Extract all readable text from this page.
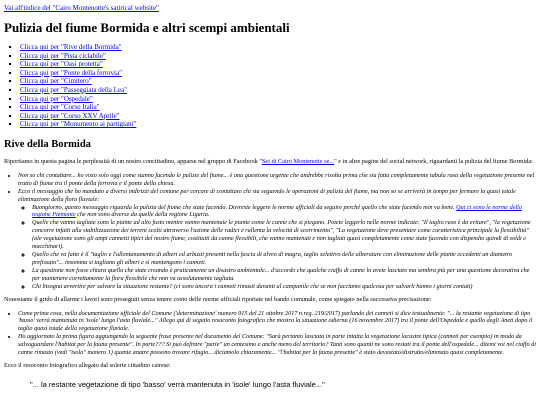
Vai all'indice del "Cairo Montenotte's satirical website"
Pulizia del fiume Bormida e altri scempi ambientali
▪ Clicca qui per "Rive della Bormida"
▪ Clicca qui per "Pista ciclabile"
▪ Clicca qui per "Oasi protetta"
▪ Clicca qui per "Ponte della ferrovia"
▪ Clicca qui per "Cimitero"
▪ Clicca qui per "Passeggiata della Lea"
▪ Clicca qui per "Ospedale"
▪ Clicca qui per "Corso Italia"
▪ Clicca qui per "Corso XXV Aprile"
▪ Clicca qui per "Monumento ai partigiani"
Rive della Bormida

Riportiamo in questa pagina le perplessità di un nostro concittadino, apparse nel gruppo di Facebook "Sei di Cairo Montenotte se..." e in altre pagine del social network, riguardanti la pulizia del fiume Bormida:

• Non so chi contattare... ho visto solo oggi come stanno facendo le pulizie del fiume... è una questione urgente che andrebbe risolta prima che sia fatta completamente tabula rasa della vegetazione presente nel tratto di fiume tra il ponte della ferrovia e il ponte della chiesa.
• Ecco il messaggio che ho mandato a diversi indirizzi del comune per cercare di contattare chi sta seguendo le operazioni di pulizia del fiume, ma non so se arriverà in tempo per fermare la quasi totale eliminazione della flora fluviale:
◦ Buongiorno, questo messaggio riguarda la pulizia del fiume che state facendo. Dovreste leggere le norme ufficiali da seguire perché quello che state facendo non va bene. Qui ci sono le norme della regione Piemonte che non sono diverse da quelle della regione Liguria.
◦ Quelle che vanno tagliate sono le piante ad alto fusto mentre vanno mantenute le piante come le canne che si piegano. Potete leggerlo nelle norme indicate: "Il taglio raso è da evitare", "la vegetazione concorre infatti alla stabilizzazione dei terreni scolti attraverso l'azione delle radici e rallenta la velocità di scorrimento", "La vegetazione deve presentare come caratteristica principale la flessibilità" (ale vegetazione sono gli ampi cannetti tipici del nostro fiume, costituiti da canne flessibili, che vanno mantenuti e non tagliati quasi completamente come state facendo con dispendio quindi di soldi e macchinari).
◦ Quello che va fatto è il "taglio e l'allontanamento di alberi ed arbusti presenti nella fascia di alveo di magra, taglio selettivo delle alberature con eliminazione delle piante eccedenti un diametro prefissato"... insomma si tagliano gli alberi e si mantengono i canneti.
◦ La questione non fosse chiara quello che state creando è praticamente un disastro ambientale... d'accordo che qualche ciuffo di canne lo avete lasciato ma sembra più per una questione decorativa che per mantenere correttamente la flora flessibile che non va assolutamente tagliata.
◦ Chi bisogna avvertire per salvare la situazione restante? (ci sono ancora i canneti rimasti davanti al campanile che se non facciamo qualcosa per salvarli hanno i giorni contati)

Nonostante il grido di allarme i lavori sono proseguiti senza tenere conto delle norme ufficiali riportate nel bando comunale, come spiegato nella successiva precisazione:

• Come prima cosa, nella documentazione ufficiale del Comune ('determinazione' numero 915 del 21 ottobre 2017 n.reg. 219/2017) parlando dei canneti si dice testualmente: "... la restante vegetazione di tipo 'basso' verrà mantenuta in 'isole' lungo l'asta fluviale..." Allego qui di seguito resoconto fotografico che mostra la situazione odierna (16 novembre 2017) tra il ponte dell'Ospedale e quello degli Aneti dopo il taglio quasi totale della vegetazione fluviale.
• Ho aggiornato la prima figura aggiungendo la seguente frase presente nel documento del Comune: "Sarà pertanto lasciata in parte intatta la vegetazione lacustre tipica (canneti per esempio) in modo da salvaguardare l'habitat per la fauna presente". In parte??? Si può definire "parte" un centesimo e anche meno del territorio? Tanti sono quanti ne sono restati tra il ponte dell'ospedale... ditemi voi nel ciuffo di canne rimasto (vedi "isola" numero 1) quante anatre possono trovare rifugio... diciamolo chiaramente... "l'habitat per la fauna presente" è stato devastato/distrutto/eliminato quasi completamente.

Ecco il resoconto fotografico allegato dal solerte cittadino cairese:

"... la restante vegetazione di tipo 'basso' verrà mantenuta in 'isole' lungo l'asta fluviale..."
